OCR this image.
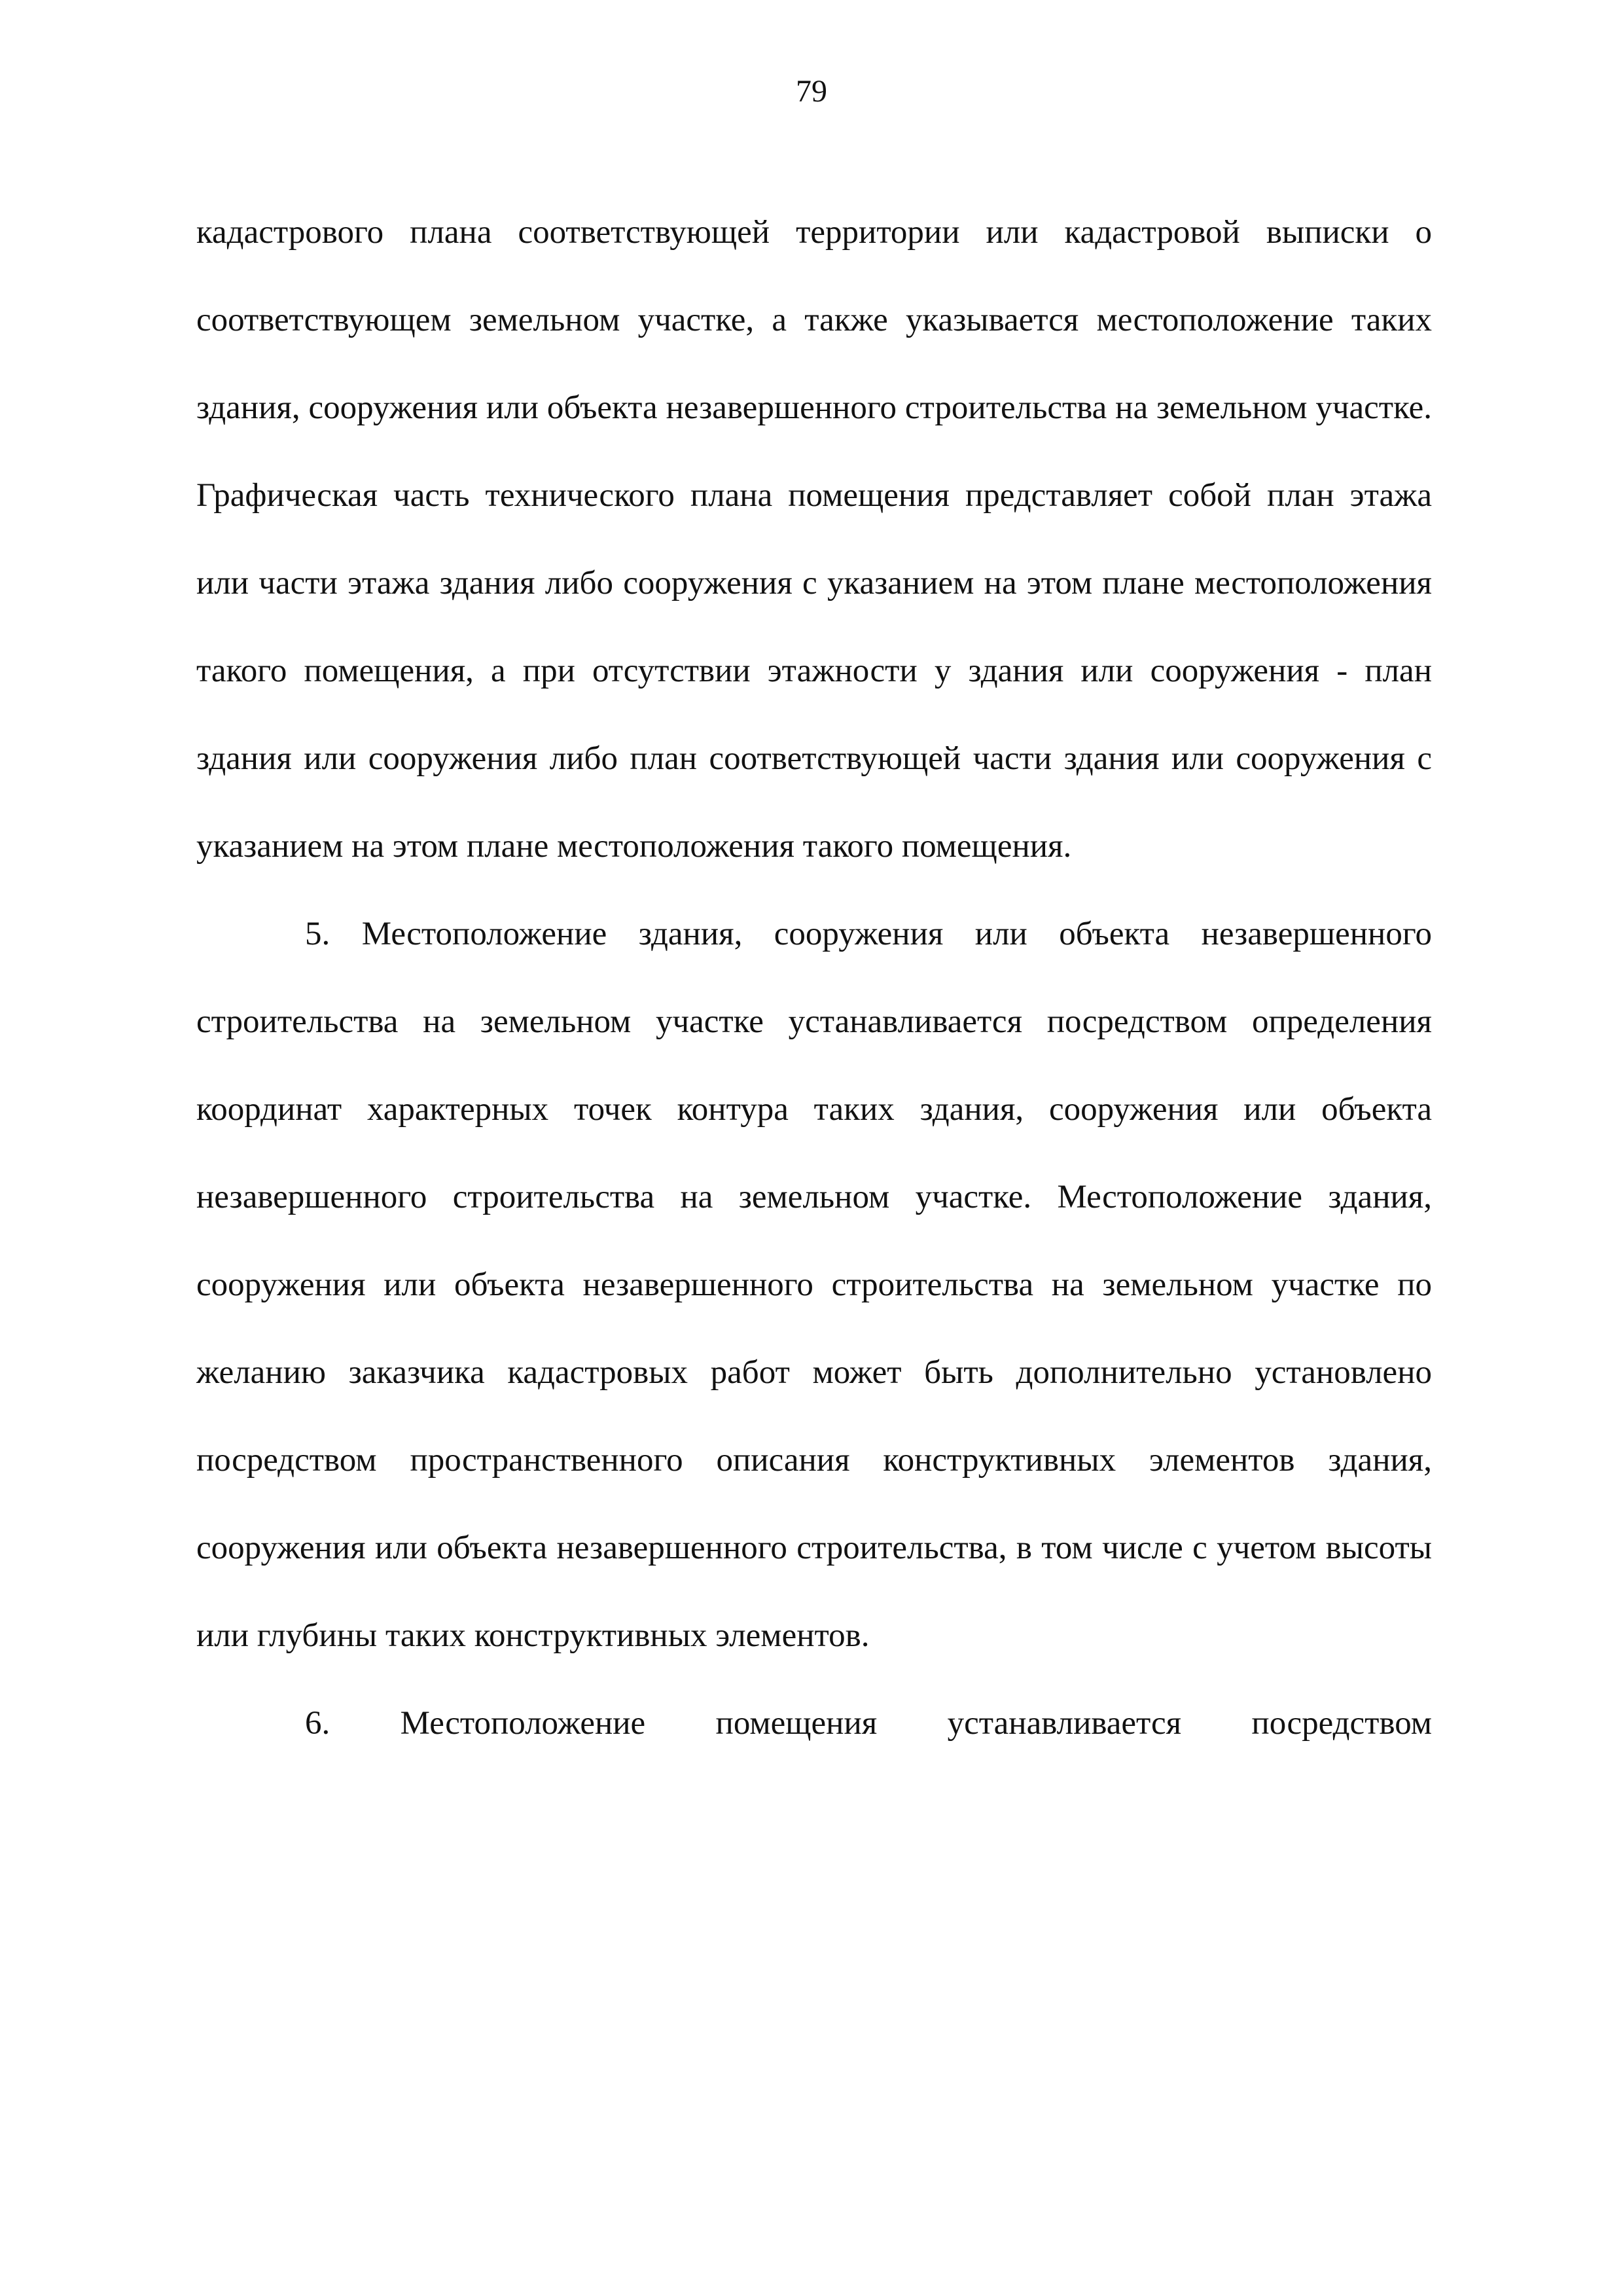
79

кадастрового плана соответствующей территории или кадастровой выписки о соответствующем земельном участке, а также указывается местоположение таких здания, сооружения или объекта незавершенного строительства на земельном участке. Графическая часть технического плана помещения представляет собой план этажа или части этажа здания либо сооружения с указанием на этом плане местоположения такого помещения, а при отсутствии этажности у здания или сооружения - план здания или сооружения либо план соответствующей части здания или сооружения с указанием на этом плане местоположения такого помещения.

5. Местоположение здания, сооружения или объекта незавершенного строительства на земельном участке устанавливается посредством определения координат характерных точек контура таких здания, сооружения или объекта незавершенного строительства на земельном участке. Местоположение здания, сооружения или объекта незавершенного строительства на земельном участке по желанию заказчика кадастровых работ может быть дополнительно установлено посредством пространственного описания конструктивных элементов здания, сооружения или объекта незавершенного строительства, в том числе с учетом высоты или глубины таких конструктивных элементов.

6. Местоположение помещения устанавливается посредством
